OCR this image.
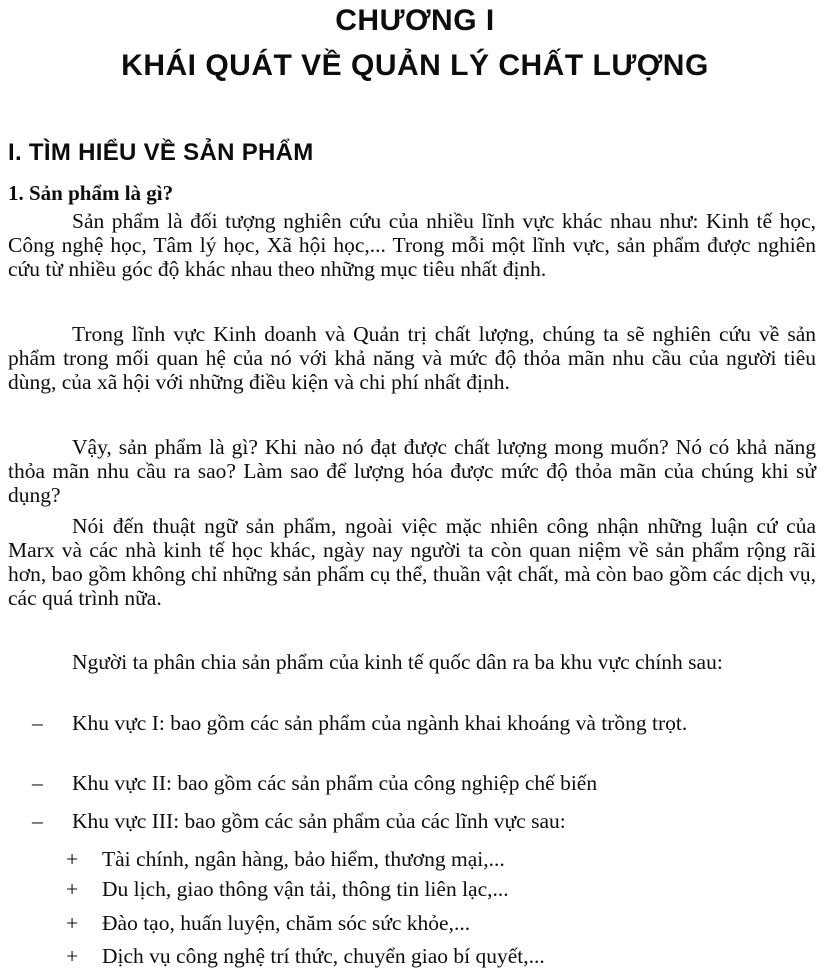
CHƯƠNG I
KHÁI QUÁT VỀ QUẢN LÝ CHẤT LƯỢNG
I. TÌM HIỂU VỀ SẢN PHẨM
1. Sản phẩm là gì?

Sản phẩm là đối tượng nghiên cứu của nhiều lĩnh vực khác nhau như: Kinh tế học, Công nghệ học, Tâm lý học, Xã hội học,... Trong mỗi một lĩnh vực, sản phẩm được nghiên cứu từ nhiều góc độ khác nhau theo những mục tiêu nhất định.

Trong lĩnh vực Kinh doanh và Quản trị chất lượng, chúng ta sẽ nghiên cứu về sản phẩm trong mối quan hệ của nó với khả năng và mức độ thỏa mãn nhu cầu của người tiêu dùng, của xã hội với những điều kiện và chi phí nhất định.

Vậy, sản phẩm là gì? Khi nào nó đạt được chất lượng mong muốn? Nó có khả năng thỏa mãn nhu cầu ra sao? Làm sao để lượng hóa được mức độ thỏa mãn của chúng khi sử dụng?

Nói đến thuật ngữ sản phẩm, ngoài việc mặc nhiên công nhận những luận cứ của Marx và các nhà kinh tế học khác, ngày nay người ta còn quan niệm về sản phẩm rộng rãi hơn, bao gồm không chỉ những sản phẩm cụ thể, thuần vật chất, mà còn bao gồm các dịch vụ, các quá trình nữa.

Người ta phân chia sản phẩm của kinh tế quốc dân ra ba khu vực chính sau:

–	Khu vực I: bao gồm các sản phẩm của ngành khai khoáng và trồng trọt.
–	Khu vực II: bao gồm các sản phẩm của công nghiệp chế biến
–	Khu vực III: bao gồm các sản phẩm của các lĩnh vực sau:
+	Tài chính, ngân hàng, bảo hiểm, thương mại,...
+	Du lịch, giao thông vận tải, thông tin liên lạc,...
+	Đào tạo, huấn luyện, chăm sóc sức khỏe,...
+	Dịch vụ công nghệ trí thức, chuyển giao bí quyết,...
